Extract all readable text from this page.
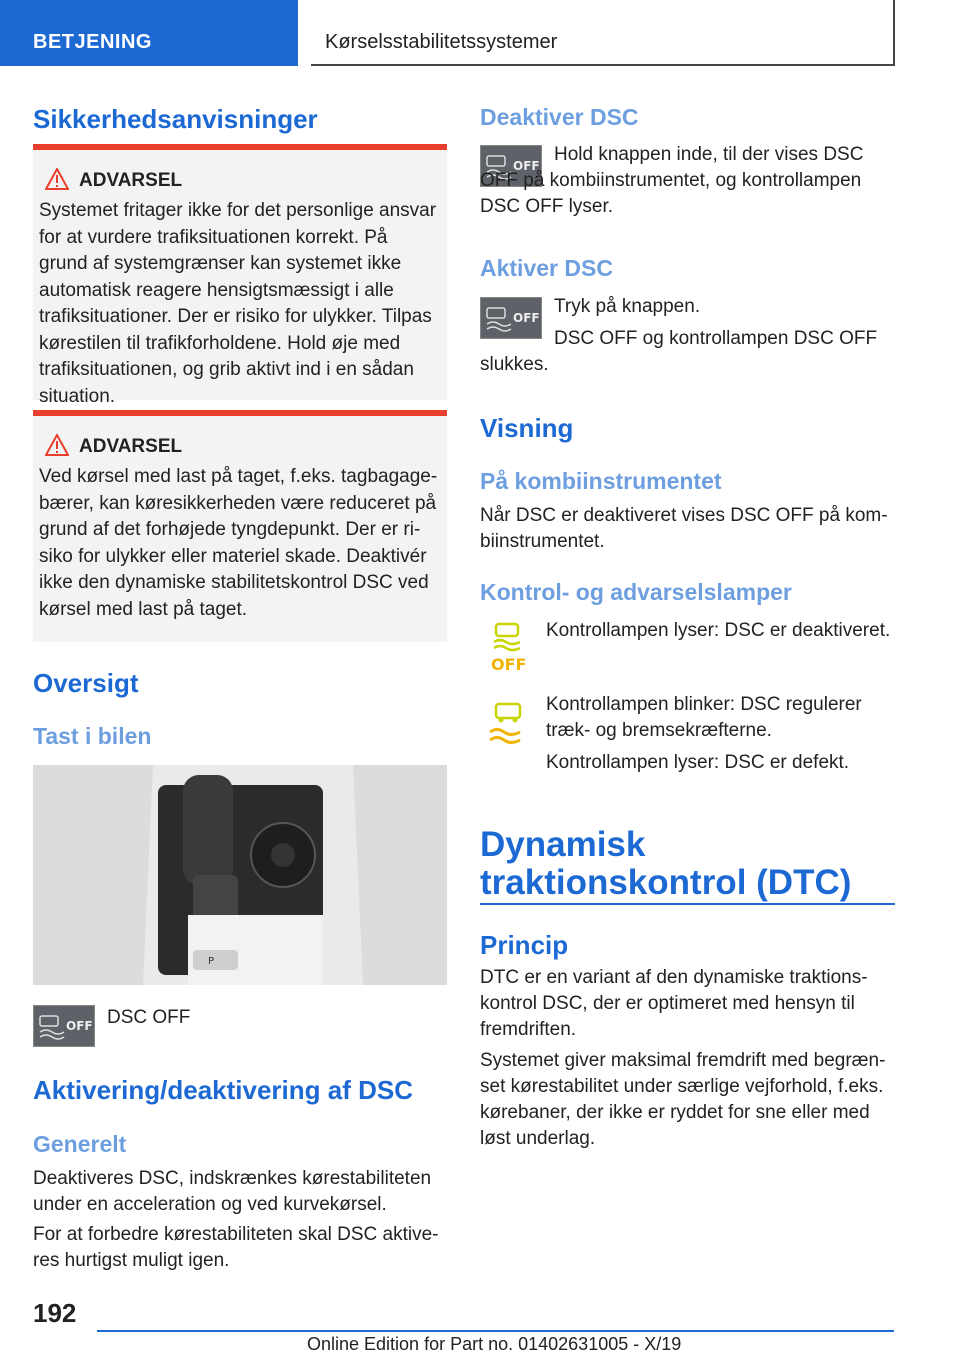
BETJENING	Kørselsstabilitetssystemer
Sikkerhedsanvisninger
ADVARSEL
Systemet fritager ikke for det personlige ansvar for at vurdere trafiksituationen korrekt. På grund af systemgrænser kan systemet ikke automatisk reagere hensigtsmæssigt i alle trafiksituationer. Der er risiko for ulykker. Tilpas kørestilen til trafikforholdene. Hold øje med trafiksituationen, og grib aktivt ind i en sådan situation.
ADVARSEL
Ved kørsel med last på taget, f.eks. tagbagagebærer, kan køresikkerheden være reduceret på grund af det forhøjede tyngdepunkt. Der er risiko for ulykker eller materiel skade. Deaktivér ikke den dynamiske stabilitetskontrol DSC ved kørsel med last på taget.
Oversigt
Tast i bilen
P
OFF DSC OFF

Aktivering/deaktivering af DSC
Generelt

Deaktiveres DSC, indskrænkes kørestabiliteten under en acceleration og ved kurvekørsel.

For at forbedre kørestabiliteten skal DSC aktiveres hurtigst muligt igen.

Deaktiver DSC
OFF

Hold knappen inde, til der vises DSC OFF på kombiinstrumentet, og kontrollampen DSC OFF lyser.

Aktiver DSC
OFF

Tryk på knappen.

DSC OFF og kontrollampen DSC OFF slukkes.

Visning
På kombiinstrumentet

Når DSC er deaktiveret vises DSC OFF på kombiinstrumentet.

Kontrol- og advarselslamper
OFF

Kontrollampen lyser: DSC er deaktiveret.

Kontrollampen blinker: DSC regulerer træk- og bremsekræfterne.

Kontrollampen lyser: DSC er defekt.

Dynamisk traktionskontrol (DTC)
Princip

DTC er en variant af den dynamiske traktionskontrol DSC, der er optimeret med hensyn til fremdriften.

Systemet giver maksimal fremdrift med begrænset kørestabilitet under særlige vejforhold, f.eks. kørebaner, der ikke er ryddet for sne eller med løst underlag.

192
Online Edition for Part no. 01402631005 - X/19
